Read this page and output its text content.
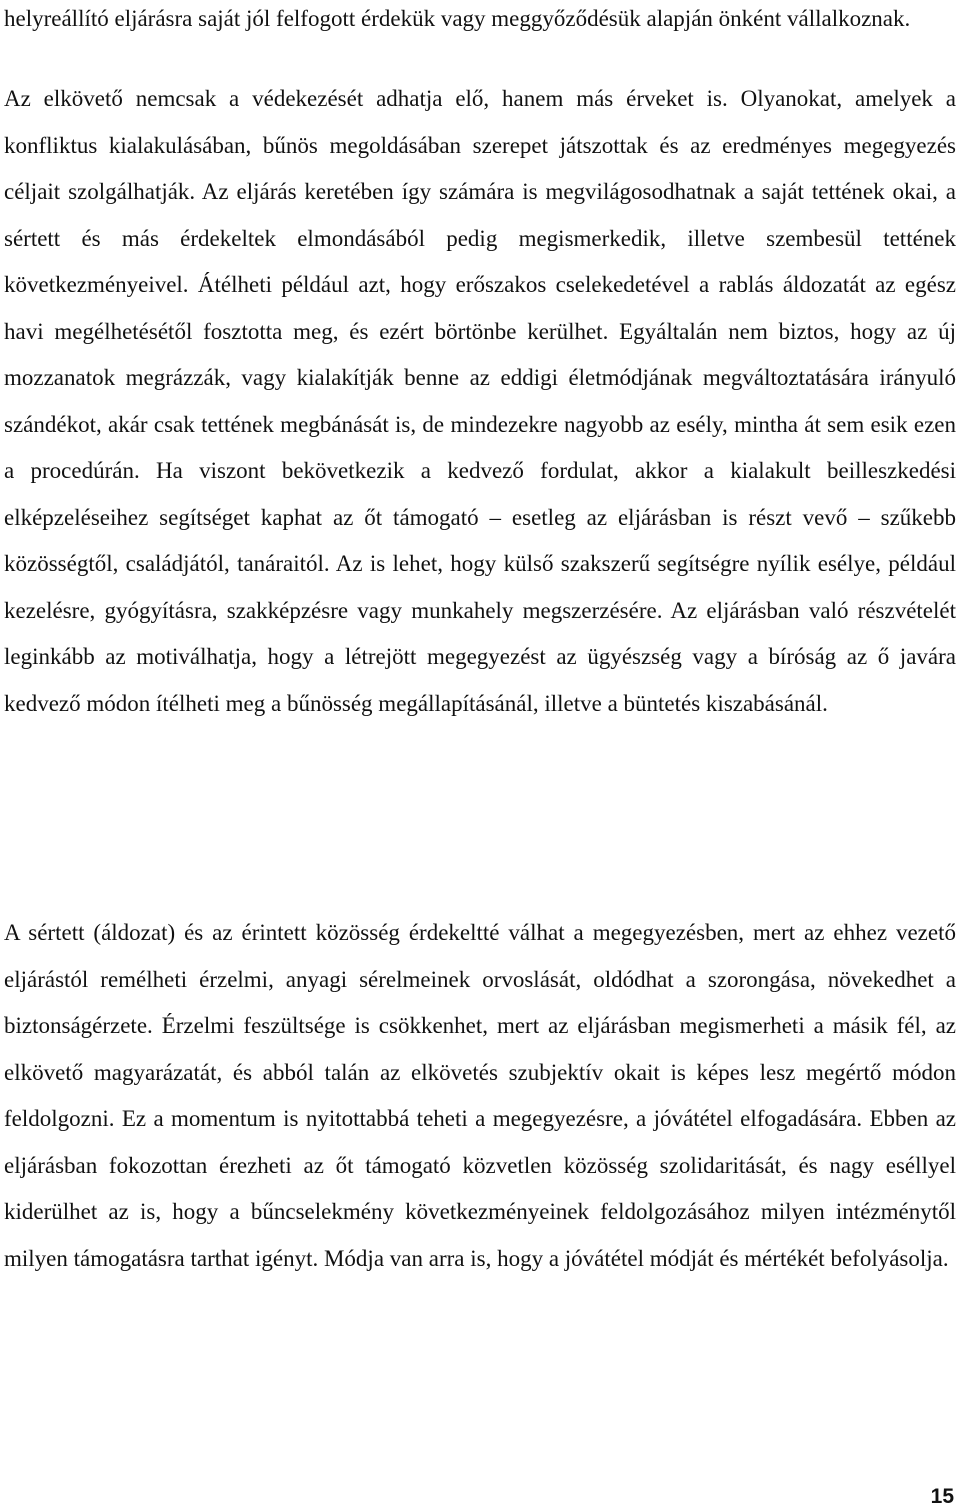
helyreállító eljárásra saját jól felfogott érdekük vagy meggyőződésük alapján önként vállalkoznak.

Az elkövető nemcsak a védekezését adhatja elő, hanem más érveket is. Olyanokat, amelyek a konfliktus kialakulásában, bűnös megoldásában szerepet játszottak és az eredményes megegyezés céljait szolgálhatják. Az eljárás keretében így számára is megvilágosodhatnak a saját tettének okai, a sértett és más érdekeltek elmondásából pedig megismerkedik, illetve szembesül tettének következményeivel. Átélheti például azt, hogy erőszakos cselekedetével a rablás áldozatát az egész havi megélhetésétől fosztotta meg, és ezért börtönbe kerülhet. Egyáltalán nem biztos, hogy az új mozzanatok megrázzák, vagy kialakítják benne az eddigi életmódjának megváltoztatására irányuló szándékot, akár csak tettének megbánását is, de mindezekre nagyobb az esély, mintha át sem esik ezen a procedúrán. Ha viszont bekövetkezik a kedvező fordulat, akkor a kialakult beilleszkedési elképzeléseihez segítséget kaphat az őt támogató – esetleg az eljárásban is részt vevő – szűkebb közösségtől, családjától, tanáraitól. Az is lehet, hogy külső szakszerű segítségre nyílik esélye, például kezelésre, gyógyításra, szakképzésre vagy munkahely megszerzésére. Az eljárásban való részvételét leginkább az motiválhatja, hogy a létrejött megegyezést az ügyészség vagy a bíróság az ő javára kedvező módon ítélheti meg a bűnösség megállapításánál, illetve a büntetés kiszabásánál.

A sértett (áldozat) és az érintett közösség érdekeltté válhat a megegyezésben, mert az ehhez vezető eljárástól remélheti érzelmi, anyagi sérelmeinek orvoslását, oldódhat a szorongása, növekedhet a biztonságérzete. Érzelmi feszültsége is csökkenhet, mert az eljárásban megismerheti a másik fél, az elkövető magyarázatát, és abból talán az elkövetés szubjektív okait is képes lesz megértő módon feldolgozni. Ez a momentum is nyitottabbá teheti a megegyezésre, a jóvátétel elfogadására. Ebben az eljárásban fokozottan érezheti az őt támogató közvetlen közösség szolidaritását, és nagy eséllyel kiderülhet az is, hogy a bűncselekmény következményeinek feldolgozásához milyen intézménytől milyen támogatásra tarthat igényt. Módja van arra is, hogy a jóvátétel módját és mértékét befolyásolja.

15
